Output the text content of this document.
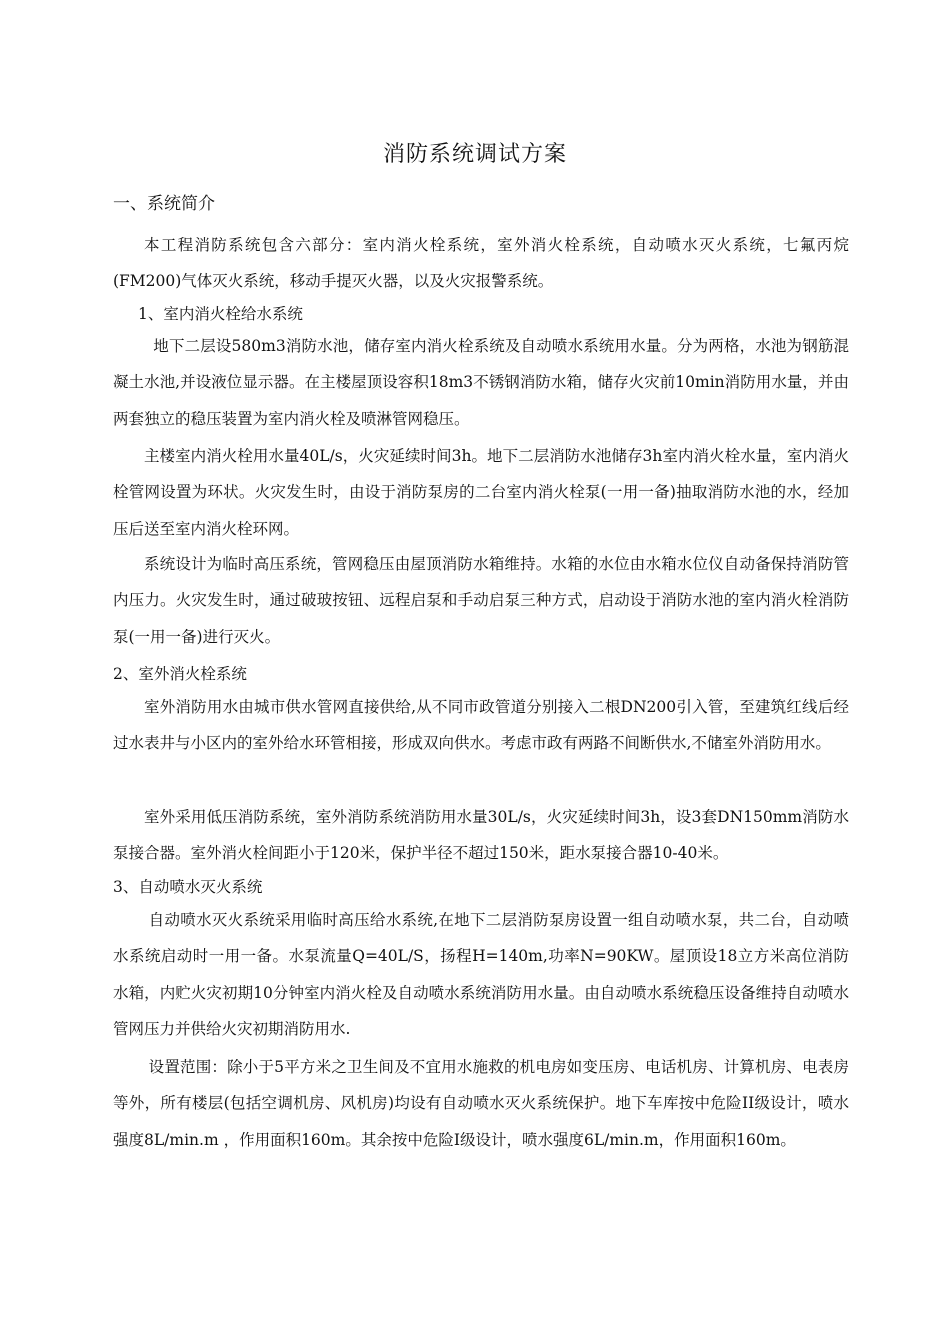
消防系统调试方案
一、系统简介

本工程消防系统包含六部分：室内消火栓系统，室外消火栓系统，自动喷水灭火系统，七氟丙烷(FM200)气体灭火系统，移动手提灭火器，以及火灾报警系统。

1、室内消火栓给水系统

地下二层设580m3消防水池，储存室内消火栓系统及自动喷水系统用水量。分为两格，水池为钢筋混凝土水池,并设液位显示器。在主楼屋顶设容积18m3不锈钢消防水箱，储存火灾前10min消防用水量，并由两套独立的稳压装置为室内消火栓及喷淋管网稳压。

主楼室内消火栓用水量40L/s，火灾延续时间3h。地下二层消防水池储存3h室内消火栓水量，室内消火栓管网设置为环状。火灾发生时，由设于消防泵房的二台室内消火栓泵(一用一备)抽取消防水池的水，经加压后送至室内消火栓环网。

系统设计为临时高压系统，管网稳压由屋顶消防水箱维持。水箱的水位由水箱水位仪自动备保持消防管内压力。火灾发生时，通过破玻按钮、远程启泵和手动启泵三种方式，启动设于消防水池的室内消火栓消防泵(一用一备)进行灭火。

2、室外消火栓系统

室外消防用水由城市供水管网直接供给,从不同市政管道分别接入二根DN200引入管，至建筑红线后经过水表井与小区内的室外给水环管相接，形成双向供水。考虑市政有两路不间断供水,不储室外消防用水。

室外采用低压消防系统，室外消防系统消防用水量30L/s，火灾延续时间3h，设3套DN150mm消防水泵接合器。室外消火栓间距小于120米，保护半径不超过150米，距水泵接合器10-40米。

3、自动喷水灭火系统

自动喷水灭火系统采用临时高压给水系统,在地下二层消防泵房设置一组自动喷水泵，共二台，自动喷水系统启动时一用一备。水泵流量Q=40L/S，扬程H=140m,功率N=90KW。屋顶设18立方米高位消防水箱，内贮火灾初期10分钟室内消火栓及自动喷水系统消防用水量。由自动喷水系统稳压设备维持自动喷水管网压力并供给火灾初期消防用水.

设置范围：除小于5平方米之卫生间及不宜用水施救的机电房如变压房、电话机房、计算机房、电表房等外，所有楼层(包括空调机房、风机房)均设有自动喷水灭火系统保护。地下车库按中危险II级设计，喷水强度8L/min.m ，作用面积160m。其余按中危险I级设计，喷水强度6L/min.m，作用面积160m。
